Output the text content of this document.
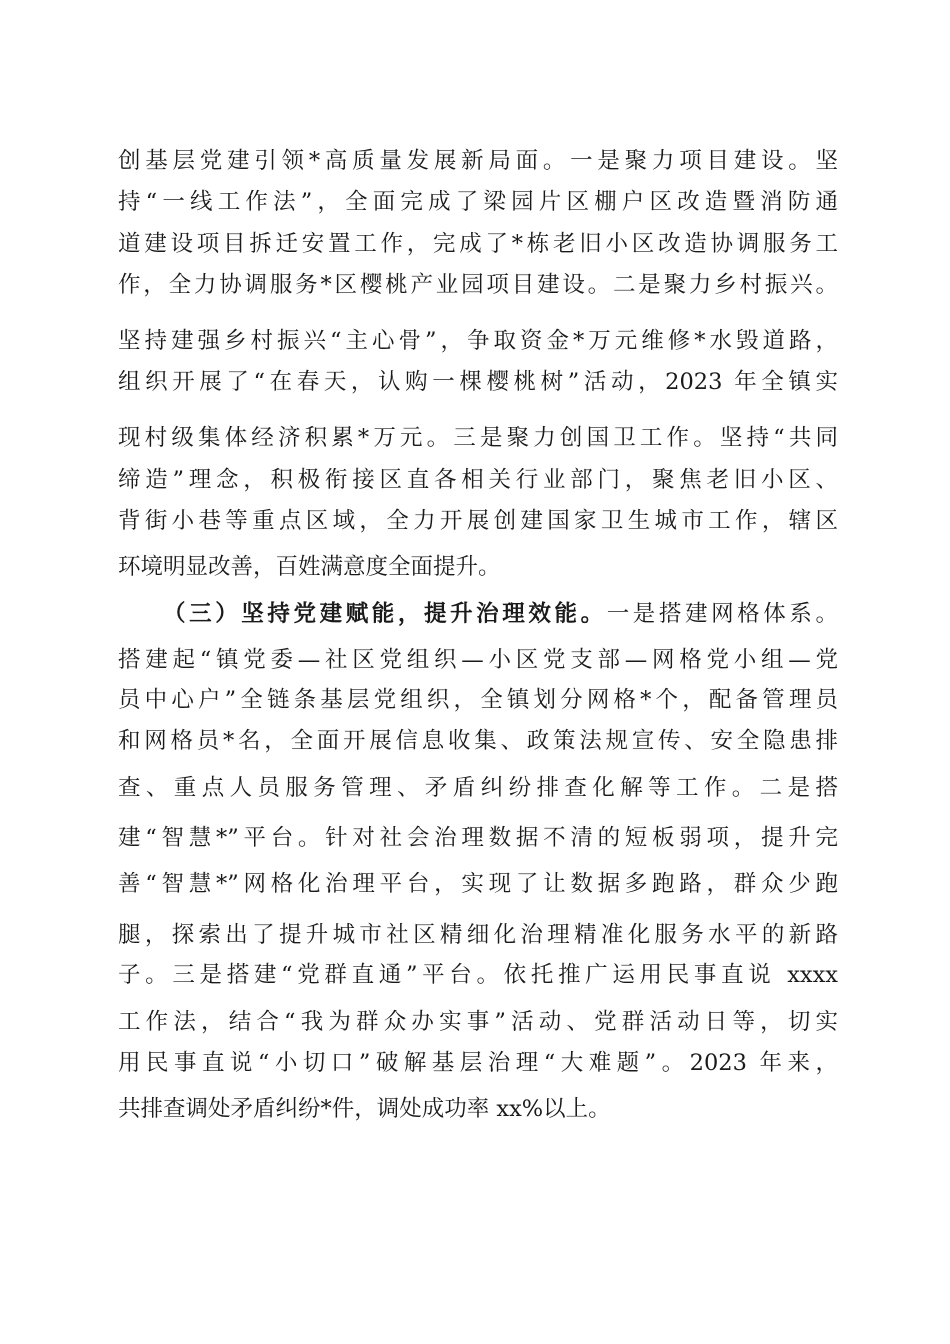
创基层党建引领*高质量发展新局面。一是聚力项目建设。坚
持“一线工作法”，全面完成了梁园片区棚户区改造暨消防通
道建设项目拆迁安置工作，完成了*栋老旧小区改造协调服务工
作，全力协调服务*区樱桃产业园项目建设。二是聚力乡村振兴。
坚持建强乡村振兴“主心骨”，争取资金*万元维修*水毁道路，
组织开展了“在春天，认购一棵樱桃树”活动，2023 年全镇实
现村级集体经济积累*万元。三是聚力创国卫工作。坚持“共同
缔造”理念，积极衔接区直各相关行业部门，聚焦老旧小区、
背街小巷等重点区域，全力开展创建国家卫生城市工作，辖区
环境明显改善，百姓满意度全面提升。
（三）坚持党建赋能，提升治理效能。一是搭建网格体系。
搭建起“镇党委—社区党组织—小区党支部—网格党小组—党
员中心户”全链条基层党组织，全镇划分网格*个，配备管理员
和网格员*名，全面开展信息收集、政策法规宣传、安全隐患排
查、重点人员服务管理、矛盾纠纷排查化解等工作。二是搭
建“智慧*”平台。针对社会治理数据不清的短板弱项，提升完
善“智慧*”网格化治理平台，实现了让数据多跑路，群众少跑
腿，探索出了提升城市社区精细化治理精准化服务水平的新路
子。三是搭建“党群直通”平台。依托推广运用民事直说 xxxx
工作法，结合“我为群众办实事”活动、党群活动日等，切实
用民事直说“小切口”破解基层治理“大难题”。2023 年来，
共排查调处矛盾纠纷*件，调处成功率 xx%以上。
